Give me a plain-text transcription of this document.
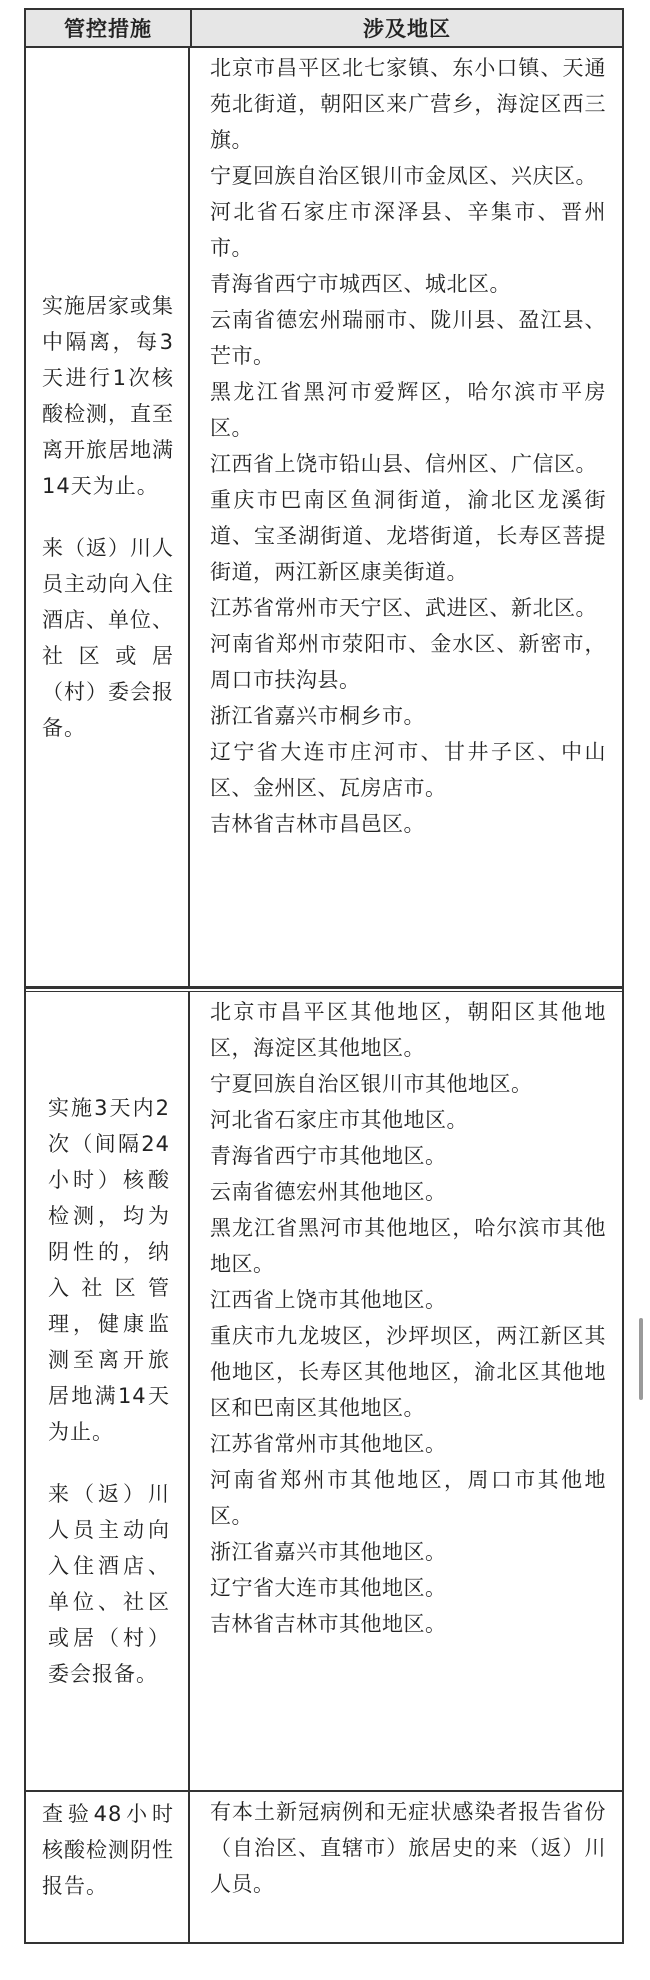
管控措施	涉及地区

实施居家或集中隔离，每3天进行1次核酸检测，直至离开旅居地满14天为止。

来（返）川人员主动向入住酒店、单位、社区或居（村）委会报备。

北京市昌平区北七家镇、东小口镇、天通苑北街道，朝阳区来广营乡，海淀区西三旗。
宁夏回族自治区银川市金凤区、兴庆区。
河北省石家庄市深泽县、辛集市、晋州市。
青海省西宁市城西区、城北区。
云南省德宏州瑞丽市、陇川县、盈江县、芒市。
黑龙江省黑河市爱辉区，哈尔滨市平房区。
江西省上饶市铅山县、信州区、广信区。
重庆市巴南区鱼洞街道，渝北区龙溪街道、宝圣湖街道、龙塔街道，长寿区菩提街道，两江新区康美街道。
江苏省常州市天宁区、武进区、新北区。
河南省郑州市荥阳市、金水区、新密市，周口市扶沟县。
浙江省嘉兴市桐乡市。
辽宁省大连市庄河市、甘井子区、中山区、金州区、瓦房店市。
吉林省吉林市昌邑区。

实施3天内2次（间隔24小时）核酸检测，均为阴性的，纳入社区管理，健康监测至离开旅居地满14天为止。

来（返）川人员主动向入住酒店、单位、社区或居（村）委会报备。

北京市昌平区其他地区，朝阳区其他地区，海淀区其他地区。
宁夏回族自治区银川市其他地区。
河北省石家庄市其他地区。
青海省西宁市其他地区。
云南省德宏州其他地区。
黑龙江省黑河市其他地区，哈尔滨市其他地区。
江西省上饶市其他地区。
重庆市九龙坡区，沙坪坝区，两江新区其他地区，长寿区其他地区，渝北区其他地区和巴南区其他地区。
江苏省常州市其他地区。
河南省郑州市其他地区，周口市其他地区。
浙江省嘉兴市其他地区。
辽宁省大连市其他地区。
吉林省吉林市其他地区。

查验48小时核酸检测阴性报告。

有本土新冠病例和无症状感染者报告省份（自治区、直辖市）旅居史的来（返）川人员。
